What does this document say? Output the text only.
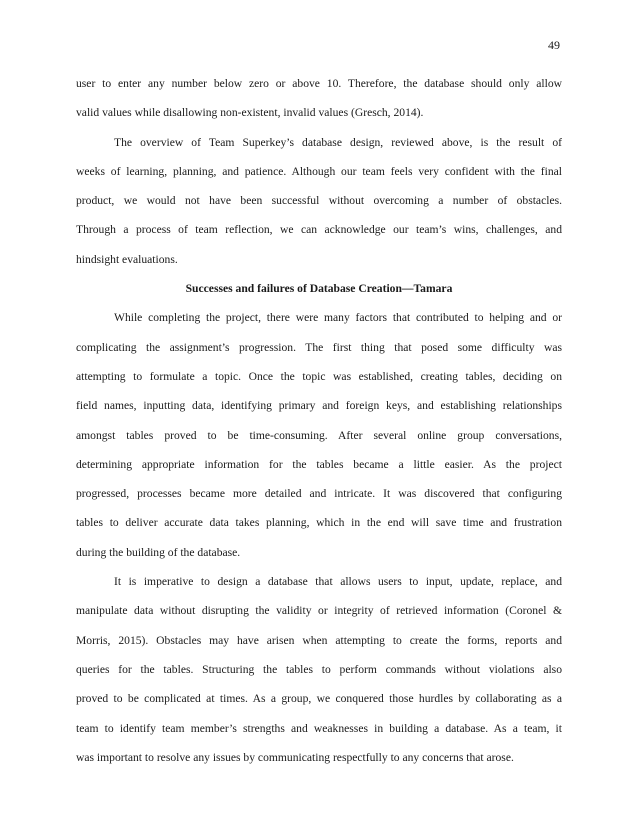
49
user to enter any number below zero or above 10. Therefore, the database should only allow
valid values while disallowing non-existent, invalid values (Gresch, 2014).
The overview of Team Superkey’s database design, reviewed above, is the result of
weeks of learning, planning, and patience. Although our team feels very confident with the final
product, we would not have been successful without overcoming a number of obstacles.
Through a process of team reflection, we can acknowledge our team’s wins, challenges, and
hindsight evaluations.
Successes and failures of Database Creation—Tamara
While completing the project, there were many factors that contributed to helping and or
complicating the assignment’s progression. The first thing that posed some difficulty was
attempting to formulate a topic. Once the topic was established, creating tables, deciding on
field names, inputting data, identifying primary and foreign keys, and establishing relationships
amongst tables proved to be time-consuming. After several online group conversations,
determining appropriate information for the tables became a little easier. As the project
progressed, processes became more detailed and intricate. It was discovered that configuring
tables to deliver accurate data takes planning, which in the end will save time and frustration
during the building of the database.
It is imperative to design a database that allows users to input, update, replace, and
manipulate data without disrupting the validity or integrity of retrieved information (Coronel &
Morris, 2015). Obstacles may have arisen when attempting to create the forms, reports and
queries for the tables. Structuring the tables to perform commands without violations also
proved to be complicated at times. As a group, we conquered those hurdles by collaborating as a
team to identify team member’s strengths and weaknesses in building a database. As a team, it
was important to resolve any issues by communicating respectfully to any concerns that arose.
